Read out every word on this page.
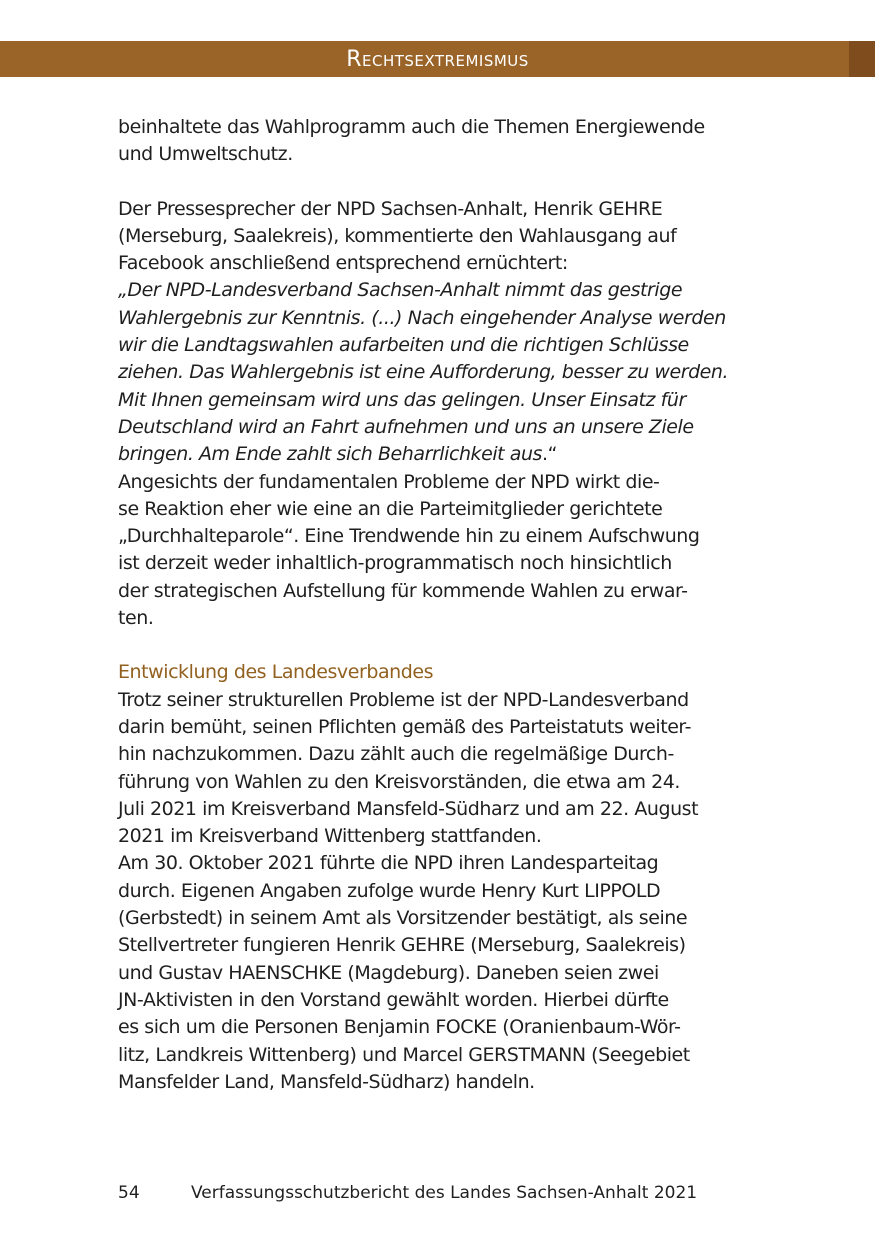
Rechtsextremismus

beinhaltete das Wahlprogramm auch die Themen Energiewende
und Umweltschutz.

Der Pressesprecher der NPD Sachsen-Anhalt, Henrik GEHRE
(Merseburg, Saalekreis), kommentierte den Wahlausgang auf
Facebook anschließend entsprechend ernüchtert:
„Der NPD-Landesverband Sachsen-Anhalt nimmt das gestrige
Wahlergebnis zur Kenntnis. (...) Nach eingehender Analyse werden
wir die Landtagswahlen aufarbeiten und die richtigen Schlüsse
ziehen. Das Wahlergebnis ist eine Aufforderung, besser zu werden.
Mit Ihnen gemeinsam wird uns das gelingen. Unser Einsatz für
Deutschland wird an Fahrt aufnehmen und uns an unsere Ziele
bringen. Am Ende zahlt sich Beharrlichkeit aus.“
Angesichts der fundamentalen Probleme der NPD wirkt die-
se Reaktion eher wie eine an die Parteimitglieder gerichtete
„Durchhalteparole“. Eine Trendwende hin zu einem Aufschwung
ist derzeit weder inhaltlich-programmatisch noch hinsichtlich
der strategischen Aufstellung für kommende Wahlen zu erwar-
ten.

Entwicklung des Landesverbandes

Trotz seiner strukturellen Probleme ist der NPD-Landesverband
darin bemüht, seinen Pflichten gemäß des Parteistatuts weiter-
hin nachzukommen. Dazu zählt auch die regelmäßige Durch-
führung von Wahlen zu den Kreisvorständen, die etwa am 24.
Juli 2021 im Kreisverband Mansfeld-Südharz und am 22. August
2021 im Kreisverband Wittenberg stattfanden.
Am 30. Oktober 2021 führte die NPD ihren Landesparteitag
durch. Eigenen Angaben zufolge wurde Henry Kurt LIPPOLD
(Gerbstedt) in seinem Amt als Vorsitzender bestätigt, als seine
Stellvertreter fungieren Henrik GEHRE (Merseburg, Saalekreis)
und Gustav HAENSCHKE (Magdeburg). Daneben seien zwei
JN-Aktivisten in den Vorstand gewählt worden. Hierbei dürfte
es sich um die Personen Benjamin FOCKE (Oranienbaum-Wör-
litz, Landkreis Wittenberg) und Marcel GERSTMANN (Seegebiet
Mansfelder Land, Mansfeld-Südharz) handeln.

54	Verfassungsschutzbericht des Landes Sachsen-Anhalt 2021
